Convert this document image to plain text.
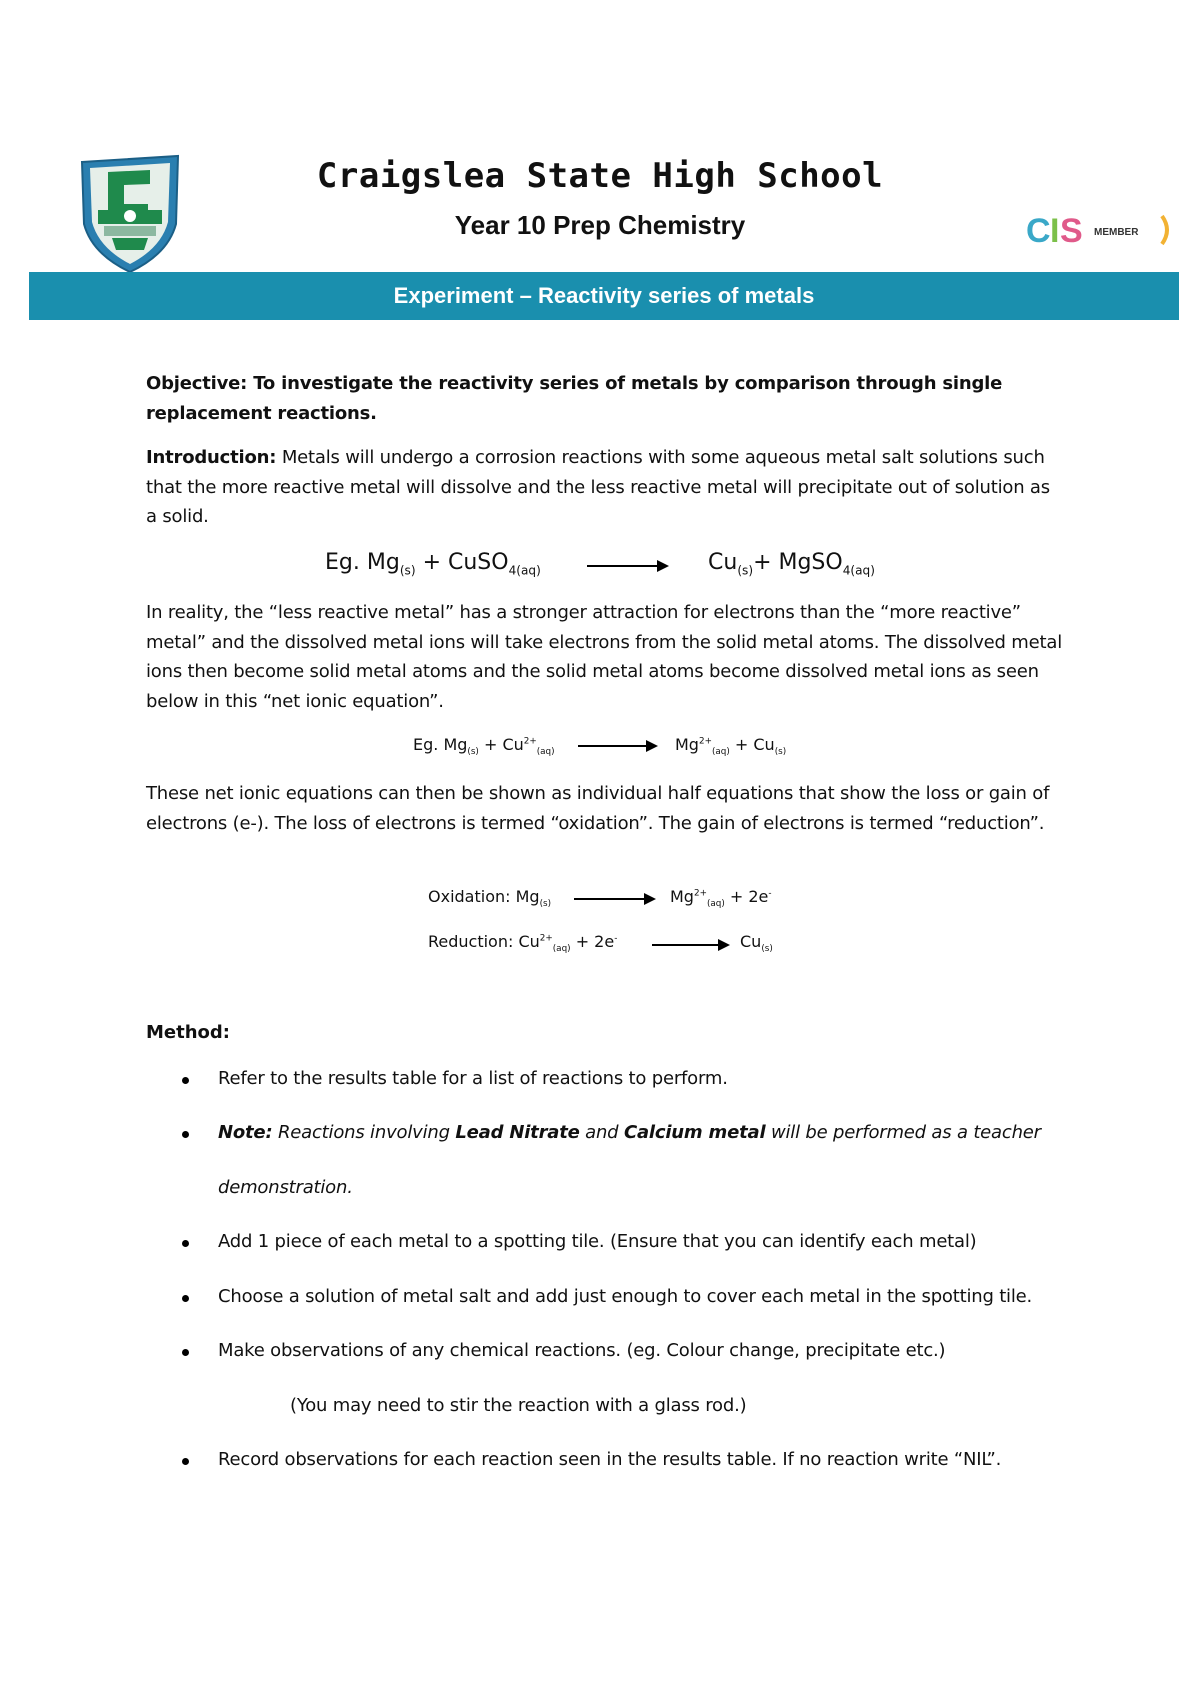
Craigslea State High School
Year 10 Prep Chemistry	C I S MEMBER
Experiment – Reactivity series of metals
Objective: To investigate the reactivity series of metals by comparison through single replacement reactions.
Introduction: Metals will undergo a corrosion reactions with some aqueous metal salt solutions such that the more reactive metal will dissolve and the less reactive metal will precipitate out of solution as a solid.
Eg. $Mg_{(s)}$ + CuSO$_{4(aq)}$	$Cu_{(s)}+$ MgSO$_{4(aq)}$
In reality, the “less reactive metal” has a stronger attraction for electrons than the “more reactive” metal” and the dissolved metal ions will take electrons from the solid metal atoms. The dissolved metal ions then become solid metal atoms and the solid metal atoms become dissolved metal ions as seen below in this “net ionic equation”.
Eg. $Mg_{(s)} + Cu^{2+}_{(aq)}$	$Mg^{2+}_{(aq)} + Cu_{(s)}$
These net ionic equations can then be shown as individual half equations that show the loss or gain of electrons (e-). The loss of electrons is termed “oxidation”. The gain of electrons is termed “reduction”.
Oxidation: $Mg_{(s)}$	$Mg^{2+}_{(aq)} + 2e^-$
Reduction: $Cu^{2+}_{(aq)} + 2e^-$	$Cu_{(s)}$
Method:
Refer to the results table for a list of reactions to perform.
Note: Reactions involving Lead Nitrate and Calcium metal will be performed as a teacher
demonstration.
Add 1 piece of each metal to a spotting tile. (Ensure that you can identify each metal)
Choose a solution of metal salt and add just enough to cover each metal in the spotting tile.
Make observations of any chemical reactions. (eg. Colour change, precipitate etc.)
(You may need to stir the reaction with a glass rod.)
Record observations for each reaction seen in the results table. If no reaction write “NIL”.
